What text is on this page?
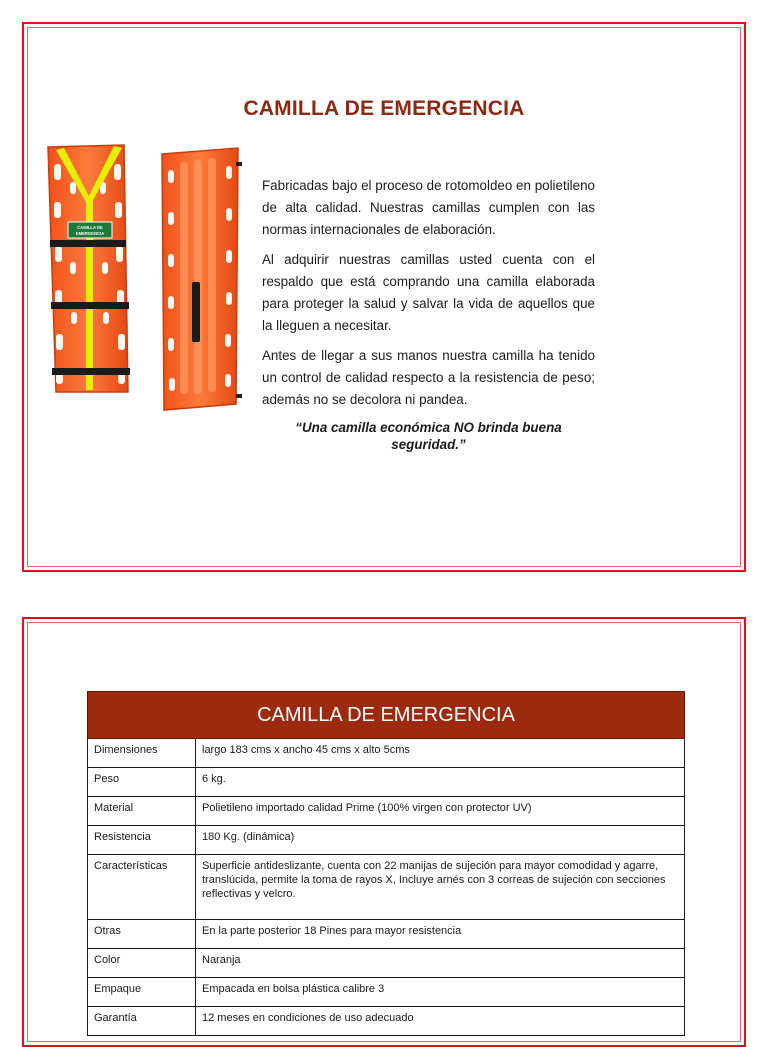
CAMILLA DE EMERGENCIA
CAMILLA DE
EMERGENCIA

Fabricadas bajo el proceso de rotomoldeo en polietileno de alta calidad. Nuestras camillas cumplen con las normas internacionales de elaboración.

Al adquirir nuestras camillas usted cuenta con el respaldo que está comprando una camilla elaborada para proteger la salud y salvar la vida de aquellos que la lleguen a necesitar.

Antes de llegar a sus manos nuestra camilla ha tenido un control de calidad respecto a la resistencia de peso; además no se decolora ni pandea.

“Una camilla económica NO brinda buena seguridad.”
CAMILLA DE EMERGENCIA	
Dimensiones	largo 183 cms x ancho 45 cms x alto 5cms
Peso	6 kg.
Material	Polietileno importado calidad Prime (100% virgen con protector UV)
Resistencia	180 Kg. (dinámica)
Características	Superficie antideslizante, cuenta con 22 manijas de sujeción para mayor comodidad y agarre, translúcida, permite la toma de rayos X, Incluye arnés con 3 correas de sujeción con secciones reflectivas y velcro.
Otras	En la parte posterior 18 Pines para mayor resistencia
Color	Naranja
Empaque	Empacada en bolsa plástica calibre 3
Garantía	12 meses en condiciones de uso adecuado
